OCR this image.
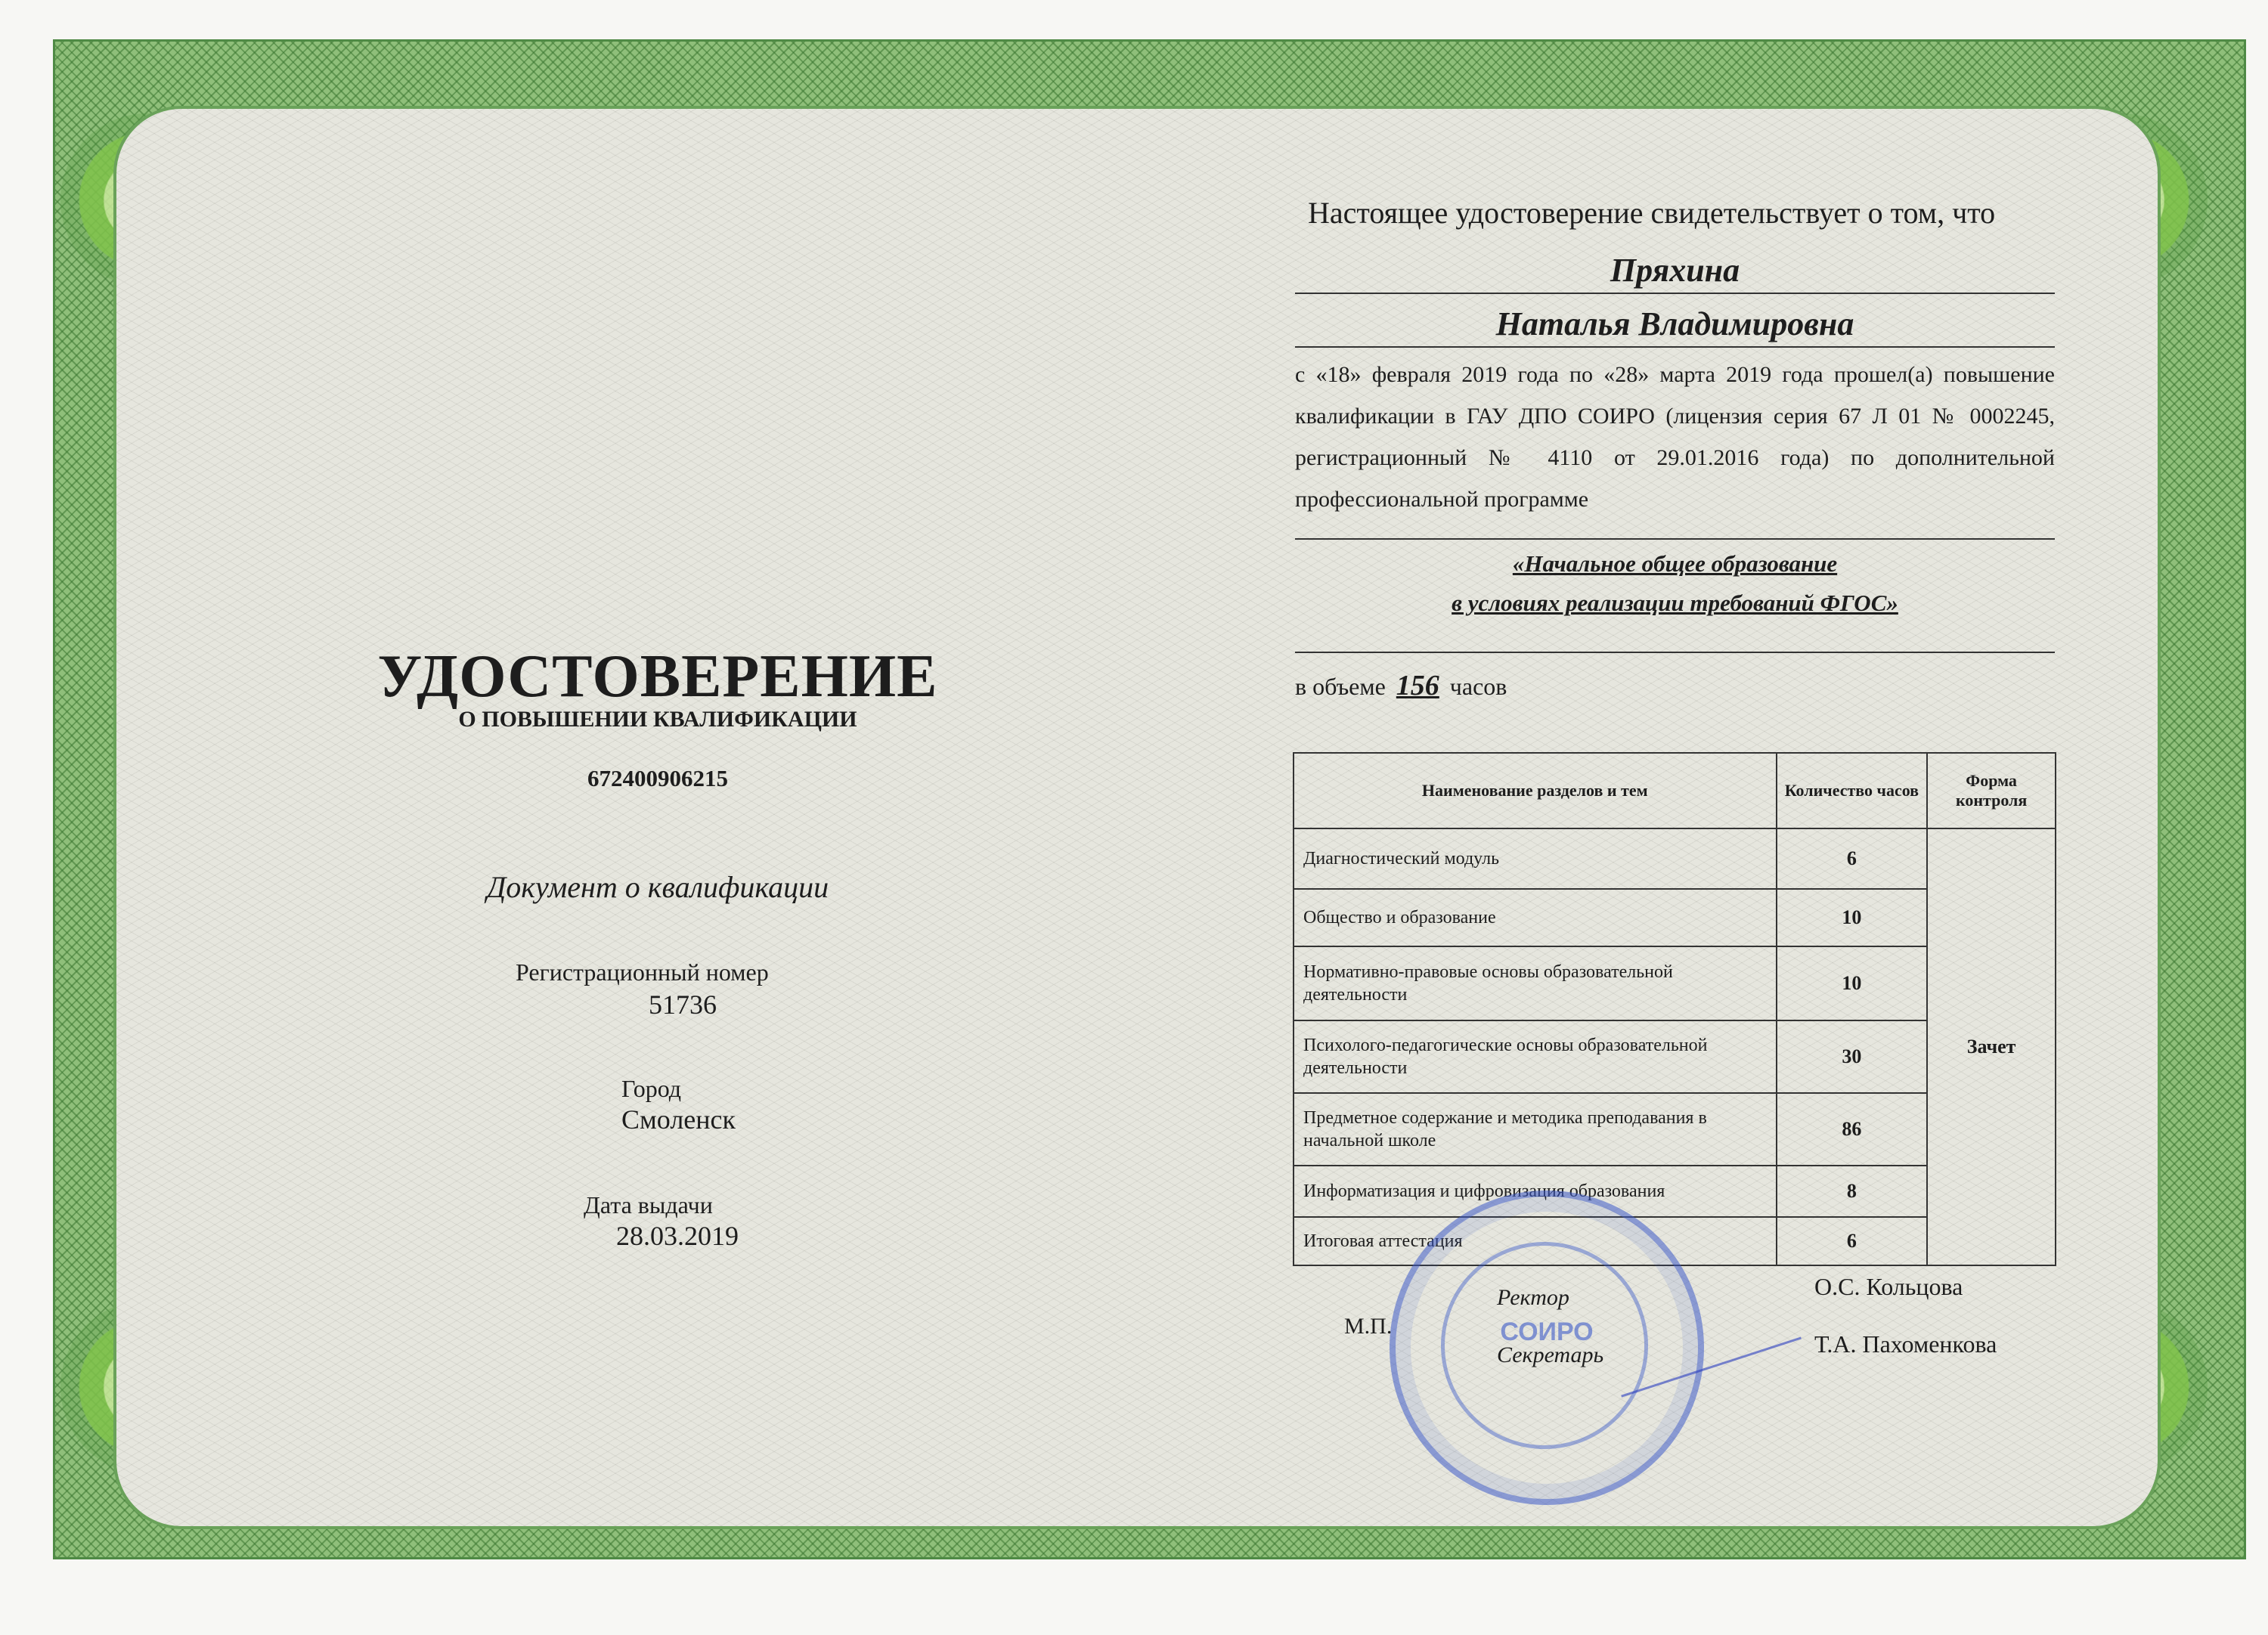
УДОСТОВЕРЕНИЕ
О ПОВЫШЕНИИ КВАЛИФИКАЦИИ
672400906215
Документ о квалификации
Регистрационный номер
51736
Город
Смоленск
Дата выдачи
28.03.2019
Настоящее удостоверение свидетельствует о том, что
Пряхина
Наталья Владимировна
с «18» февраля 2019 года по «28» марта 2019 года прошел(а) повышение квалификации в ГАУ ДПО СОИРО (лицензия серия 67 Л 01 № 0002245, регистрационный № 4110 от 29.01.2016 года) по дополнительной профессиональной программе
«Начальное общее образование
в условиях реализации требований ФГОС»
в объеме 156 часов
Наименование разделов и тем	Количество часов	Форма контроля
Диагностический модуль	6	Зачет
Общество и образование	10	
Нормативно-правовые основы образовательной деятельности	10	
Психолого-педагогические основы образовательной деятельности	30	
Предметное содержание и методика преподавания в начальной школе	86	
Информатизация и цифровизация образования	8	
Итоговая аттестация	6	
СОИРО
М.П.
Ректор	О.С. Кольцова
Секретарь	Т.А. Пахоменкова
